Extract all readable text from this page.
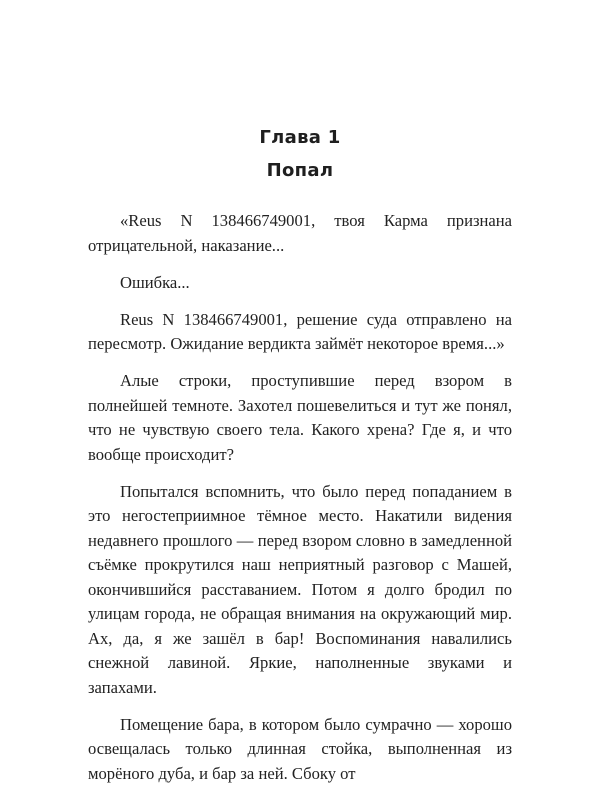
Глава 1
Попал

«Reus N 138466749001, твоя Карма признана отрицательной, наказание...

Ошибка...

Reus N 138466749001, решение суда отправлено на пересмотр. Ожидание вердикта займёт некоторое время...»

Алые строки, проступившие перед взором в полнейшей темноте. Захотел пошевелиться и тут же понял, что не чувствую своего тела. Какого хрена? Где я, и что вообще происходит?

Попытался вспомнить, что было перед попаданием в это негостеприимное тёмное место. Накатили видения недавнего прошлого — перед взором словно в замедленной съёмке прокрутился наш неприятный разговор с Машей, окончившийся расставанием. Потом я долго бродил по улицам города, не обращая внимания на окружающий мир. Ах, да, я же зашёл в бар! Воспоминания навалились снежной лавиной. Яркие, наполненные звуками и запахами.

Помещение бара, в котором было сумрачно — хорошо освещалась только длинная стойка, выполненная из морёного дуба, и бар за ней. Сбоку от
